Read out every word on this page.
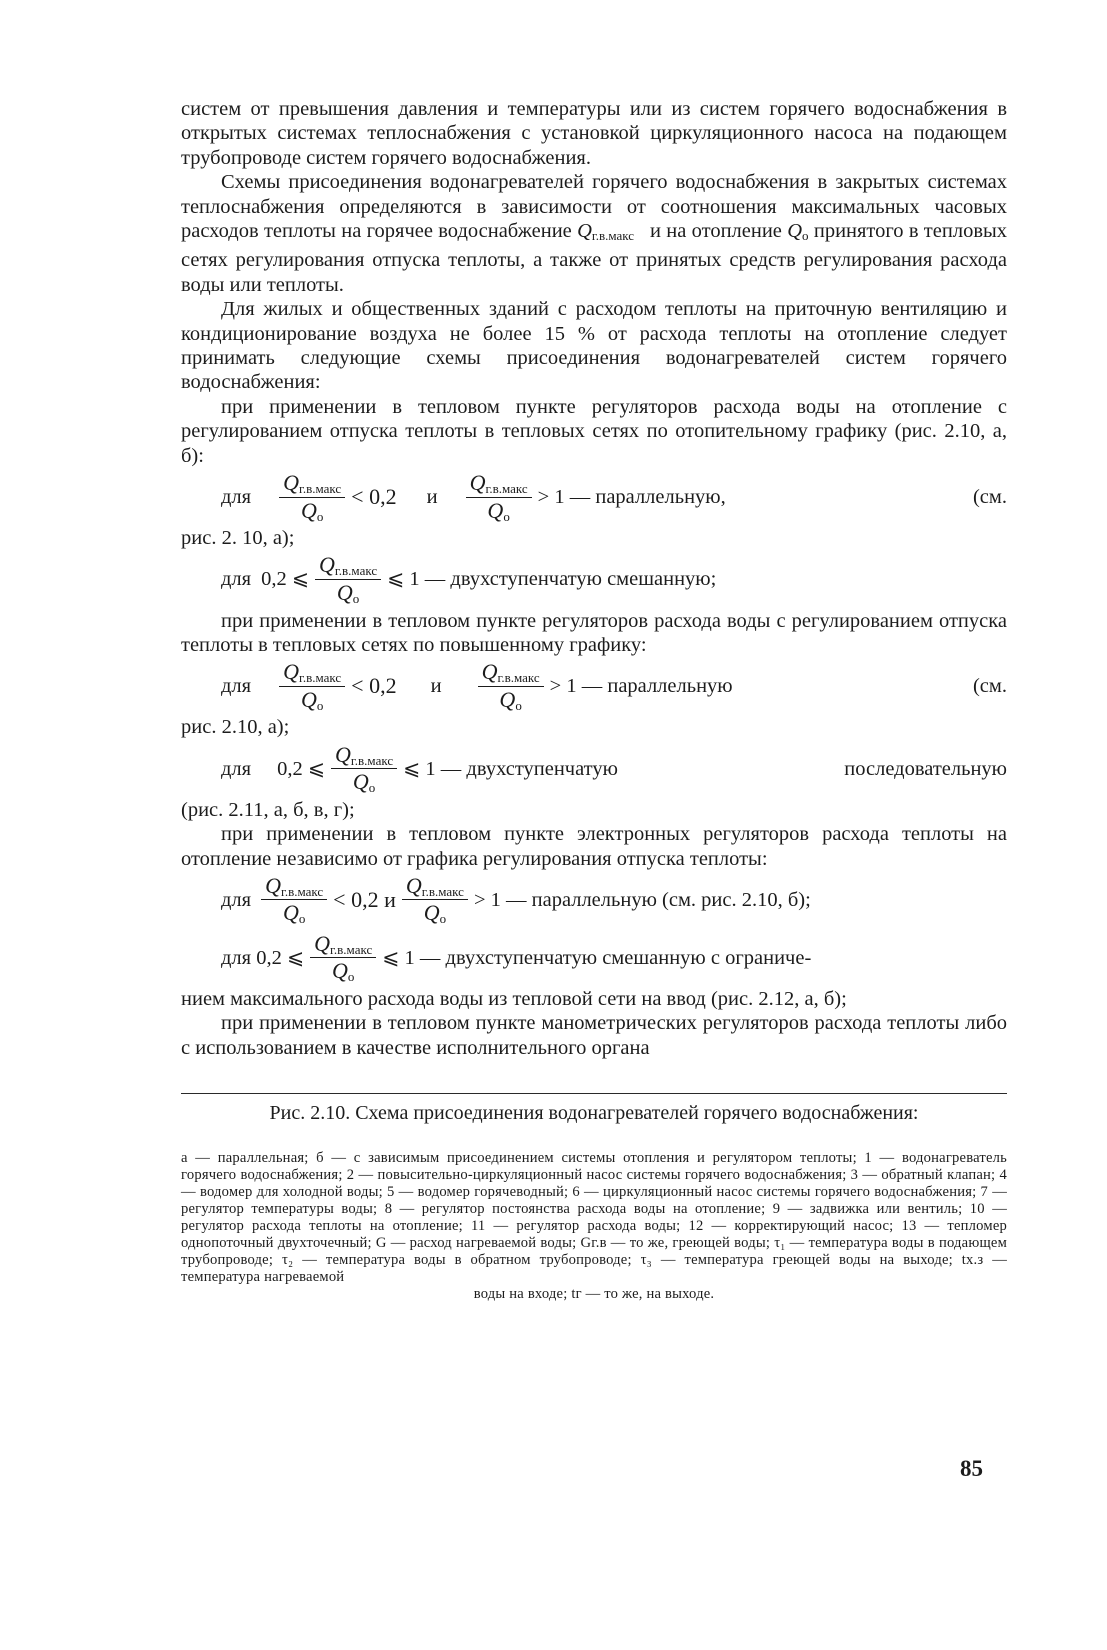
систем от превышения давления и температуры или из систем горячего водоснабжения в открытых системах теплоснабжения с установкой циркуляционного насоса на подающем трубопроводе систем горячего водоснабжения.

Схемы присоединения водонагревателей горячего водоснабжения в закрытых системах теплоснабжения определяются в зависимости от соотношения максимальных часовых расходов теплоты на горячее водоснабжение $Q_{г.в.макс}$ и на отопление $Q_о$ принятого в тепловых сетях регулирования отпуска теплоты, а также от принятых средств регулирования расхода воды или теплоты.

Для жилых и общественных зданий с расходом теплоты на приточную вентиляцию и кондиционирование воздуха не более 15 % от расхода теплоты на отопление следует принимать следующие схемы присоединения водонагревателей систем горячего водоснабжения:

при применении в тепловом пункте регуляторов расхода воды на отопление с регулированием отпуска теплоты в тепловых сетях по отопительному графику (рис. 2.10, а, б):

для $\frac{Q_{г.в.макс}}{Q_о} < 0,2$ и $\frac{Q_{г.в.макс}}{Q_о} > 1$ — параллельную,	(см.

рис. 2. 10, а);

для 0,2 ⩽ $\frac{Q_{г.в.макс}}{Q_о}$ ⩽ 1 — двухступенчатую смешанную;

при применении в тепловом пункте регуляторов расхода воды с регулированием отпуска теплоты в тепловых сетях по повышенному графику:

для $\frac{Q_{г.в.макс}}{Q_о} < 0,2$ и $\frac{Q_{г.в.макс}}{Q_о} > 1$ — параллельную	(см.

рис. 2.10, а);

для 0,2 ⩽ $\frac{Q_{г.в.макс}}{Q_о}$ ⩽ 1 — двухступенчатую	последовательную

(рис. 2.11, а, б, в, г);

при применении в тепловом пункте электронных регуляторов расхода теплоты на отопление независимо от графика регулирования отпуска теплоты:

для $\frac{Q_{г.в.макс}}{Q_о} < 0,2$ и $\frac{Q_{г.в.макс}}{Q_о} > 1$ — параллельную (см. рис. 2.10, б);
для 0,2 ⩽ $\frac{Q_{г.в.макс}}{Q_о}$ ⩽ 1 — двухступенчатую смешанную с ограниче-

нием максимального расхода воды из тепловой сети на ввод (рис. 2.12, а, б);

при применении в тепловом пункте манометрических регуляторов расхода теплоты либо с использованием в качестве исполнительного органа

Рис. 2.10. Схема присоединения водонагревателей горячего водоснабжения:
а — параллельная; б — с зависимым присоединением системы отопления и регулятором теплоты; 1 — водонагреватель горячего водоснабжения; 2 — повысительно-циркуляционный насос системы горячего водоснабжения; 3 — обратный клапан; 4 — водомер для холодной воды; 5 — водомер горячеводный; 6 — циркуляционный насос системы горячего водоснабжения; 7 — регулятор температуры воды; 8 — регулятор постоянства расхода воды на отопление; 9 — задвижка или вентиль; 10 — регулятор расхода теплоты на отопление; 11 — регулятор расхода воды; 12 — корректирующий насос; 13 — тепломер однопоточный двухточечный; G — расход нагреваемой воды; Gг.в — то же, греющей воды; τ₁ — температура воды в подающем трубопроводе; τ₂ — температура воды в обратном трубопроводе; τ₃ — температура греющей воды на выходе; tх.з — температура нагреваемой
воды на входе; tг — то же, на выходе.
85
